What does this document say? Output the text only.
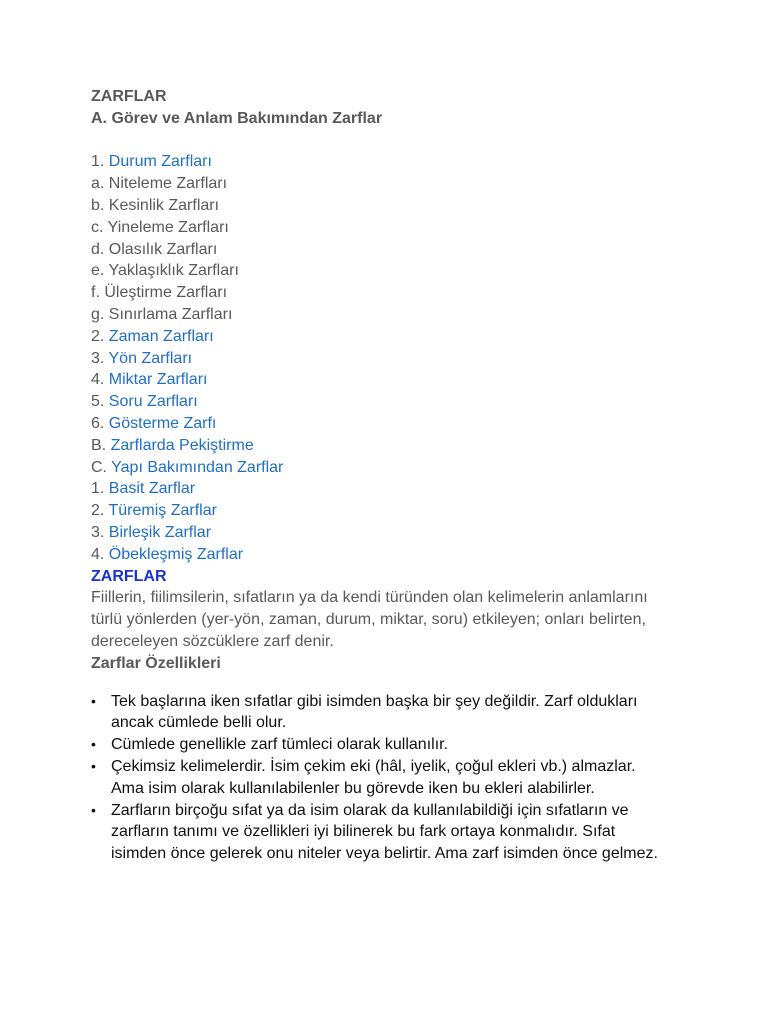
ZARFLAR
A. Görev ve Anlam Bakımından Zarflar
1. Durum Zarfları
a. Niteleme Zarfları
b. Kesinlik Zarfları
c. Yineleme Zarfları
d. Olasılık Zarfları
e. Yaklaşıklık Zarfları
f. Üleştirme Zarfları
g. Sınırlama Zarfları
2. Zaman Zarfları
3. Yön Zarfları
4. Miktar Zarfları
5. Soru Zarfları
6. Gösterme Zarfı
B. Zarflarda Pekiştirme
C. Yapı Bakımından Zarflar
1. Basit Zarflar
2. Türemiş Zarflar
3. Birleşik Zarflar
4. Öbekleşmiş Zarflar
ZARFLAR
Fiillerin, fiilimsilerin, sıfatların ya da kendi türünden olan kelimelerin anlamlarını türlü yönlerden (yer-yön, zaman, durum, miktar, soru) etkileyen; onları belirten, dereceleyen sözcüklere zarf denir.
Zarflar Özellikleri
• Tek başlarına iken sıfatlar gibi isimden başka bir şey değildir. Zarf oldukları ancak cümlede belli olur.
• Cümlede genellikle zarf tümleci olarak kullanılır.
• Çekimsiz kelimelerdir. İsim çekim eki (hâl, iyelik, çoğul ekleri vb.) almazlar. Ama isim olarak kullanılabilenler bu görevde iken bu ekleri alabilirler.
• Zarfların birçoğu sıfat ya da isim olarak da kullanılabildiği için sıfatların ve zarfların tanımı ve özellikleri iyi bilinerek bu fark ortaya konmalıdır. Sıfat isimden önce gelerek onu niteler veya belirtir. Ama zarf isimden önce gelmez.
